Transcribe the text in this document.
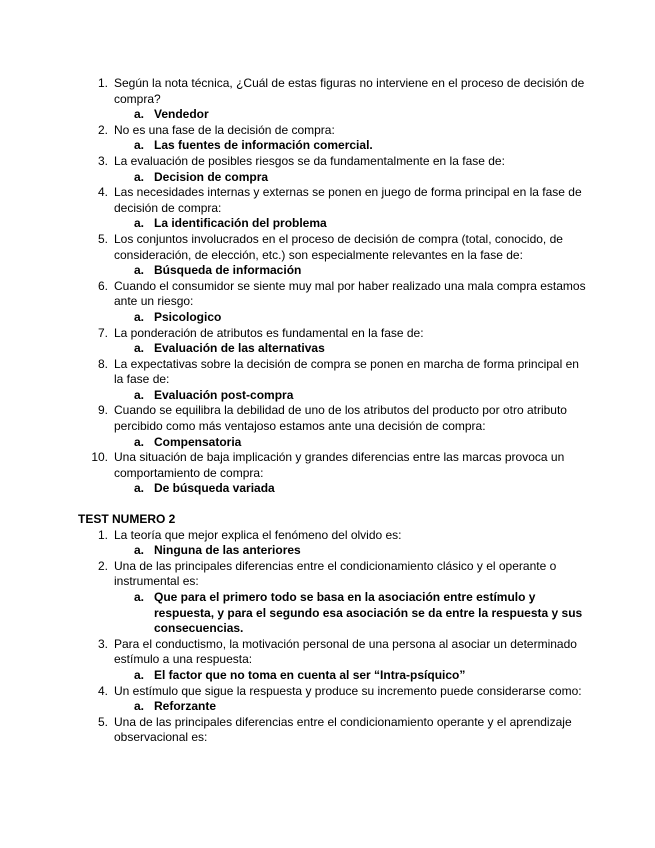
1. Según la nota técnica, ¿Cuál de estas figuras no interviene en el proceso de decisión de compra?
a. Vendedor
2. No es una fase de la decisión de compra:
a. Las fuentes de información comercial.
3. La evaluación de posibles riesgos se da fundamentalmente en la fase de:
a. Decision de compra
4. Las necesidades internas y externas se ponen en juego de forma principal en la fase de decisión de compra:
a. La identificación del problema
5. Los conjuntos involucrados en el proceso de decisión de compra (total, conocido, de consideración, de elección, etc.) son especialmente relevantes en la fase de:
a. Búsqueda de información
6. Cuando el consumidor se siente muy mal por haber realizado una mala compra estamos ante un riesgo:
a. Psicologico
7. La ponderación de atributos es fundamental en la fase de:
a. Evaluación de las alternativas
8. La expectativas sobre la decisión de compra se ponen en marcha de forma principal en la fase de:
a. Evaluación post-compra
9. Cuando se equilibra la debilidad de uno de los atributos del producto por otro atributo percibido como más ventajoso estamos ante una decisión de compra:
a. Compensatoria
10. Una situación de baja implicación y grandes diferencias entre las marcas provoca un comportamiento de compra:
a. De búsqueda variada
TEST NUMERO 2
1. La teoría que mejor explica el fenómeno del olvido es:
a. Ninguna de las anteriores
2. Una de las principales diferencias entre el condicionamiento clásico y el operante o instrumental es:
a. Que para el primero todo se basa en la asociación entre estímulo y respuesta, y para el segundo esa asociación se da entre la respuesta y sus consecuencias.
3. Para el conductismo, la motivación personal de una persona al asociar un determinado estímulo a una respuesta:
a. El factor que no toma en cuenta al ser “Intra-psíquico”
4. Un estímulo que sigue la respuesta y produce su incremento puede considerarse como:
a. Reforzante
5. Una de las principales diferencias entre el condicionamiento operante y el aprendizaje observacional es:
